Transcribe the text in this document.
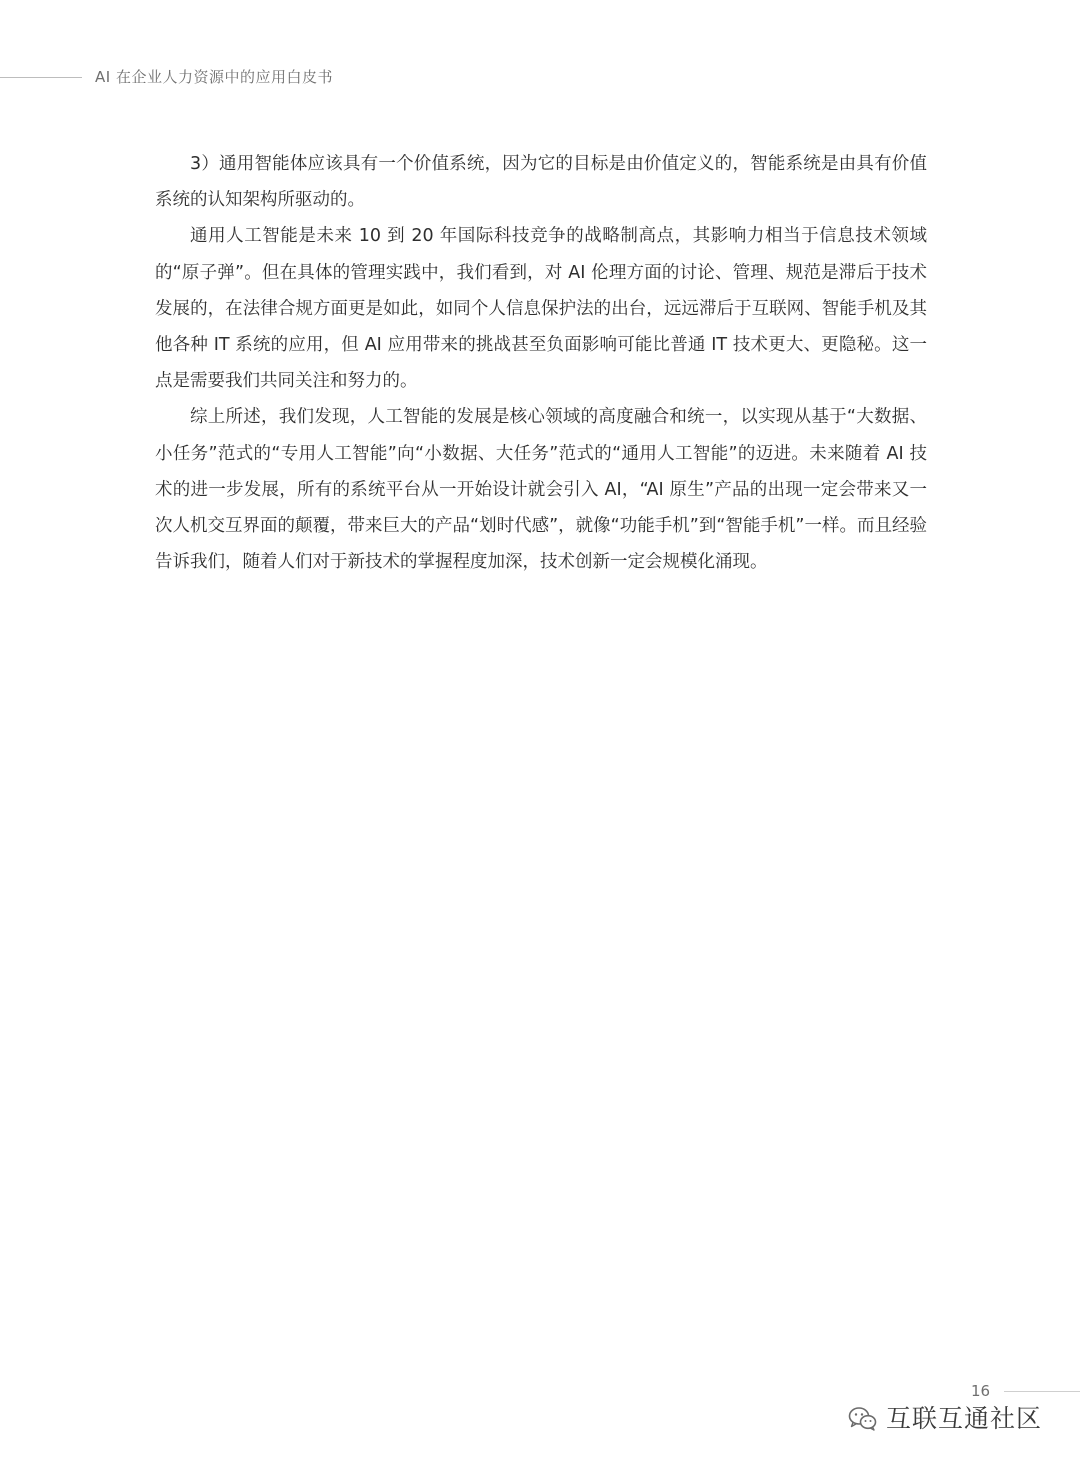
AI 在企业人力资源中的应用白皮书

3）通用智能体应该具有一个价值系统，因为它的目标是由价值定义的，智能系统是由具有价值系统的认知架构所驱动的。

通用人工智能是未来 10 到 20 年国际科技竞争的战略制高点，其影响力相当于信息技术领域的“原子弹”。但在具体的管理实践中，我们看到，对 AI 伦理方面的讨论、管理、规范是滞后于技术发展的，在法律合规方面更是如此，如同个人信息保护法的出台，远远滞后于互联网、智能手机及其他各种 IT 系统的应用，但 AI 应用带来的挑战甚至负面影响可能比普通 IT 技术更大、更隐秘。这一点是需要我们共同关注和努力的。

综上所述，我们发现，人工智能的发展是核心领域的高度融合和统一，以实现从基于“大数据、小任务”范式的“专用人工智能”向“小数据、大任务”范式的“通用人工智能”的迈进。未来随着 AI 技术的进一步发展，所有的系统平台从一开始设计就会引入 AI，“AI 原生”产品的出现一定会带来又一次人机交互界面的颠覆，带来巨大的产品“划时代感”，就像“功能手机”到“智能手机”一样。而且经验告诉我们，随着人们对于新技术的掌握程度加深，技术创新一定会规模化涌现。

16
互联互通社区
